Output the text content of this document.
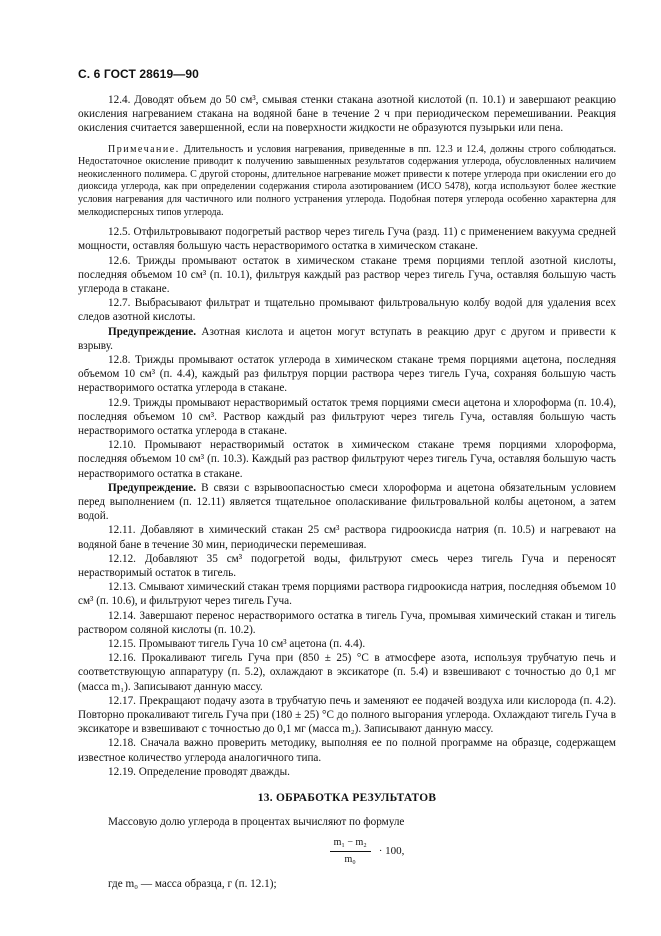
С. 6 ГОСТ 28619—90

12.4. Доводят объем до 50 см³, смывая стенки стакана азотной кислотой (п. 10.1) и завершают реакцию окисления нагреванием стакана на водяной бане в течение 2 ч при периодическом перемешивании. Реакция окисления считается завершенной, если на поверхности жидкости не образуются пузырьки или пена.

Примечание. Длительность и условия нагревания, приведенные в пп. 12.3 и 12.4, должны строго соблюдаться. Недостаточное окисление приводит к получению завышенных результатов содержания углерода, обусловленных наличием неокисленного полимера. С другой стороны, длительное нагревание может привести к потере углерода при окислении его до диоксида углерода, как при определении содержания стирола азотированием (ИСО 5478), когда используют более жесткие условия нагревания для частичного или полного устранения углерода. Подобная потеря углерода особенно характерна для мелкодисперсных типов углерода.

12.5. Отфильтровывают подогретый раствор через тигель Гуча (разд. 11) с применением вакуума средней мощности, оставляя большую часть нерастворимого остатка в химическом стакане.

12.6. Трижды промывают остаток в химическом стакане тремя порциями теплой азотной кислоты, последняя объемом 10 см³ (п. 10.1), фильтруя каждый раз раствор через тигель Гуча, оставляя большую часть углерода в стакане.

12.7. Выбрасывают фильтрат и тщательно промывают фильтровальную колбу водой для удаления всех следов азотной кислоты.

Предупреждение. Азотная кислота и ацетон могут вступать в реакцию друг с другом и привести к взрыву.

12.8. Трижды промывают остаток углерода в химическом стакане тремя порциями ацетона, последняя объемом 10 см³ (п. 4.4), каждый раз фильтруя порции раствора через тигель Гуча, сохраняя большую часть нерастворимого остатка углерода в стакане.

12.9. Трижды промывают нерастворимый остаток тремя порциями смеси ацетона и хлороформа (п. 10.4), последняя объемом 10 см³. Раствор каждый раз фильтруют через тигель Гуча, оставляя большую часть нерастворимого остатка углерода в стакане.

12.10. Промывают нерастворимый остаток в химическом стакане тремя порциями хлороформа, последняя объемом 10 см³ (п. 10.3). Каждый раз раствор фильтруют через тигель Гуча, оставляя большую часть нерастворимого остатка в стакане.

Предупреждение. В связи с взрывоопасностью смеси хлороформа и ацетона обязательным условием перед выполнением (п. 12.11) является тщательное ополаскивание фильтровальной колбы ацетоном, а затем водой.

12.11. Добавляют в химический стакан 25 см³ раствора гидроокисда натрия (п. 10.5) и нагревают на водяной бане в течение 30 мин, периодически перемешивая.

12.12. Добавляют 35 см³ подогретой воды, фильтруют смесь через тигель Гуча и переносят нерастворимый остаток в тигель.

12.13. Смывают химический стакан тремя порциями раствора гидроокисда натрия, последняя объемом 10 см³ (п. 10.6), и фильтруют через тигель Гуча.

12.14. Завершают перенос нерастворимого остатка в тигель Гуча, промывая химический стакан и тигель раствором соляной кислоты (п. 10.2).

12.15. Промывают тигель Гуча 10 см³ ацетона (п. 4.4).

12.16. Прокаливают тигель Гуча при (850 ± 25) °С в атмосфере азота, используя трубчатую печь и соответствующую аппаратуру (п. 5.2), охлаждают в эксикаторе (п. 5.4) и взвешивают с точностью до 0,1 мг (масса m₁). Записывают данную массу.

12.17. Прекращают подачу азота в трубчатую печь и заменяют ее подачей воздуха или кислорода (п. 4.2). Повторно прокаливают тигель Гуча при (180 ± 25) °С до полного выгорания углерода. Охлаждают тигель Гуча в эксикаторе и взвешивают с точностью до 0,1 мг (масса m₂). Записывают данную массу.

12.18. Сначала важно проверить методику, выполняя ее по полной программе на образце, содержащем известное количество углерода аналогичного типа.

12.19. Определение проводят дважды.

13. ОБРАБОТКА РЕЗУЛЬТАТОВ

Массовую долю углерода в процентах вычисляют по формуле

$\frac{\text{m₁ − m₂}}{\text{m₀}} \cdot 100$,

где m₀ — масса образца, г (п. 12.1);
